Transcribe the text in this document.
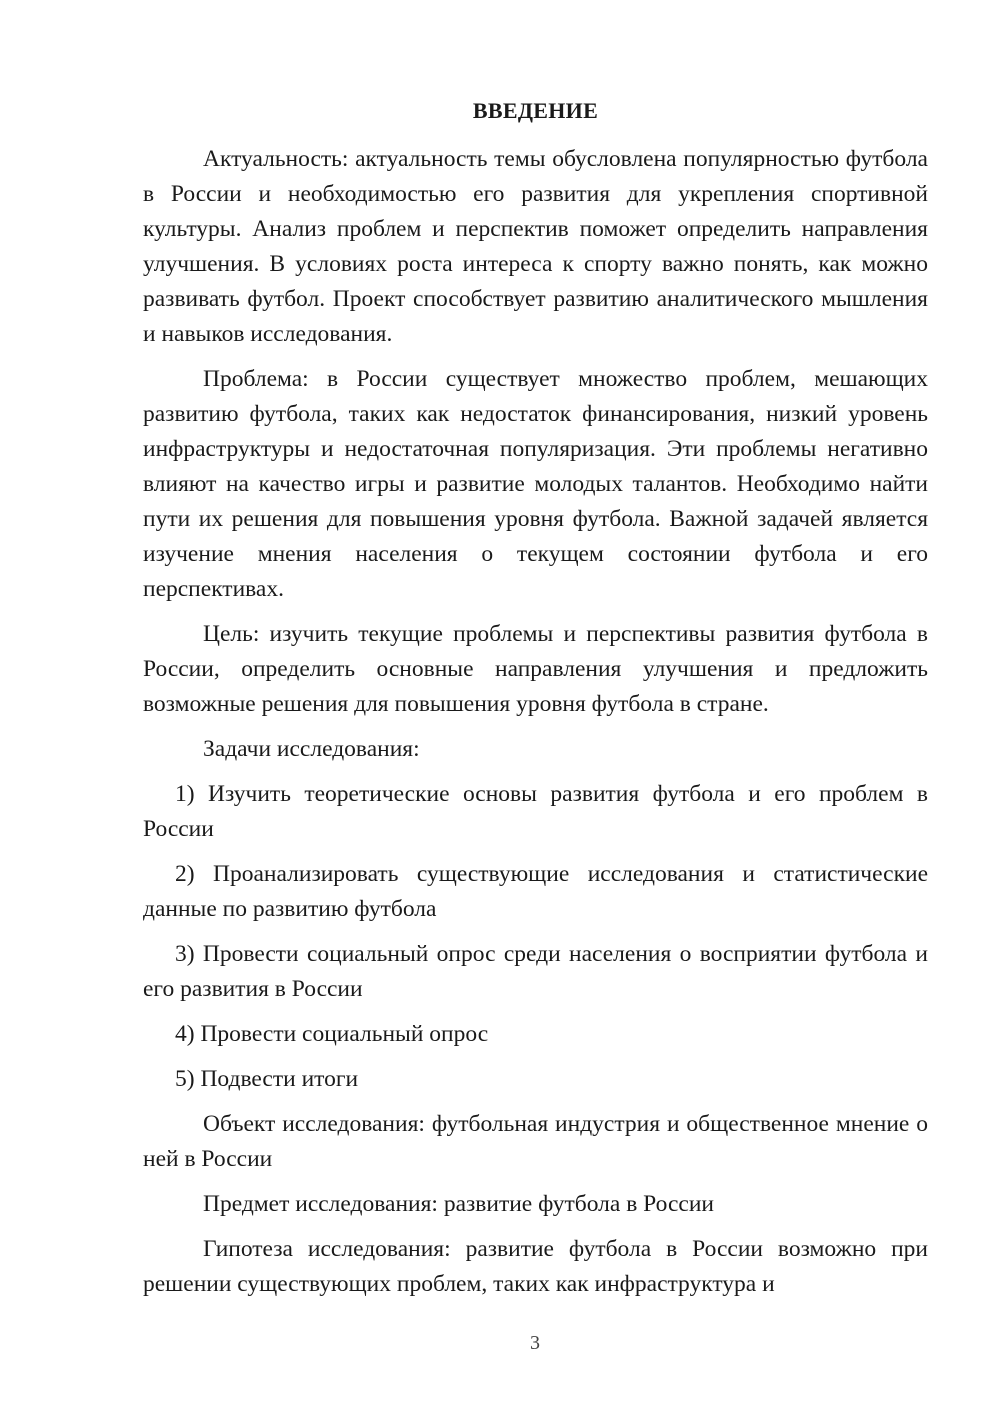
ВВЕДЕНИЕ

Актуальность: актуальность темы обусловлена популярностью футбола в России и необходимостью его развития для укрепления спортивной культуры. Анализ проблем и перспектив поможет определить направления улучшения. В условиях роста интереса к спорту важно понять, как можно развивать футбол. Проект способствует развитию аналитического мышления и навыков исследования.

Проблема: в России существует множество проблем, мешающих развитию футбола, таких как недостаток финансирования, низкий уровень инфраструктуры и недостаточная популяризация. Эти проблемы негативно влияют на качество игры и развитие молодых талантов. Необходимо найти пути их решения для повышения уровня футбола. Важной задачей является изучение мнения населения о текущем состоянии футбола и его перспективах.

Цель: изучить текущие проблемы и перспективы развития футбола в России, определить основные направления улучшения и предложить возможные решения для повышения уровня футбола в стране.

Задачи исследования:

1) Изучить теоретические основы развития футбола и его проблем в России

2) Проанализировать существующие исследования и статистические данные по развитию футбола

3) Провести социальный опрос среди населения о восприятии футбола и его развития в России

4) Провести социальный опрос

5) Подвести итоги

Объект исследования: футбольная индустрия и общественное мнение о ней в России

Предмет исследования: развитие футбола в России

Гипотеза исследования: развитие футбола в России возможно при решении существующих проблем, таких как инфраструктура и

3
